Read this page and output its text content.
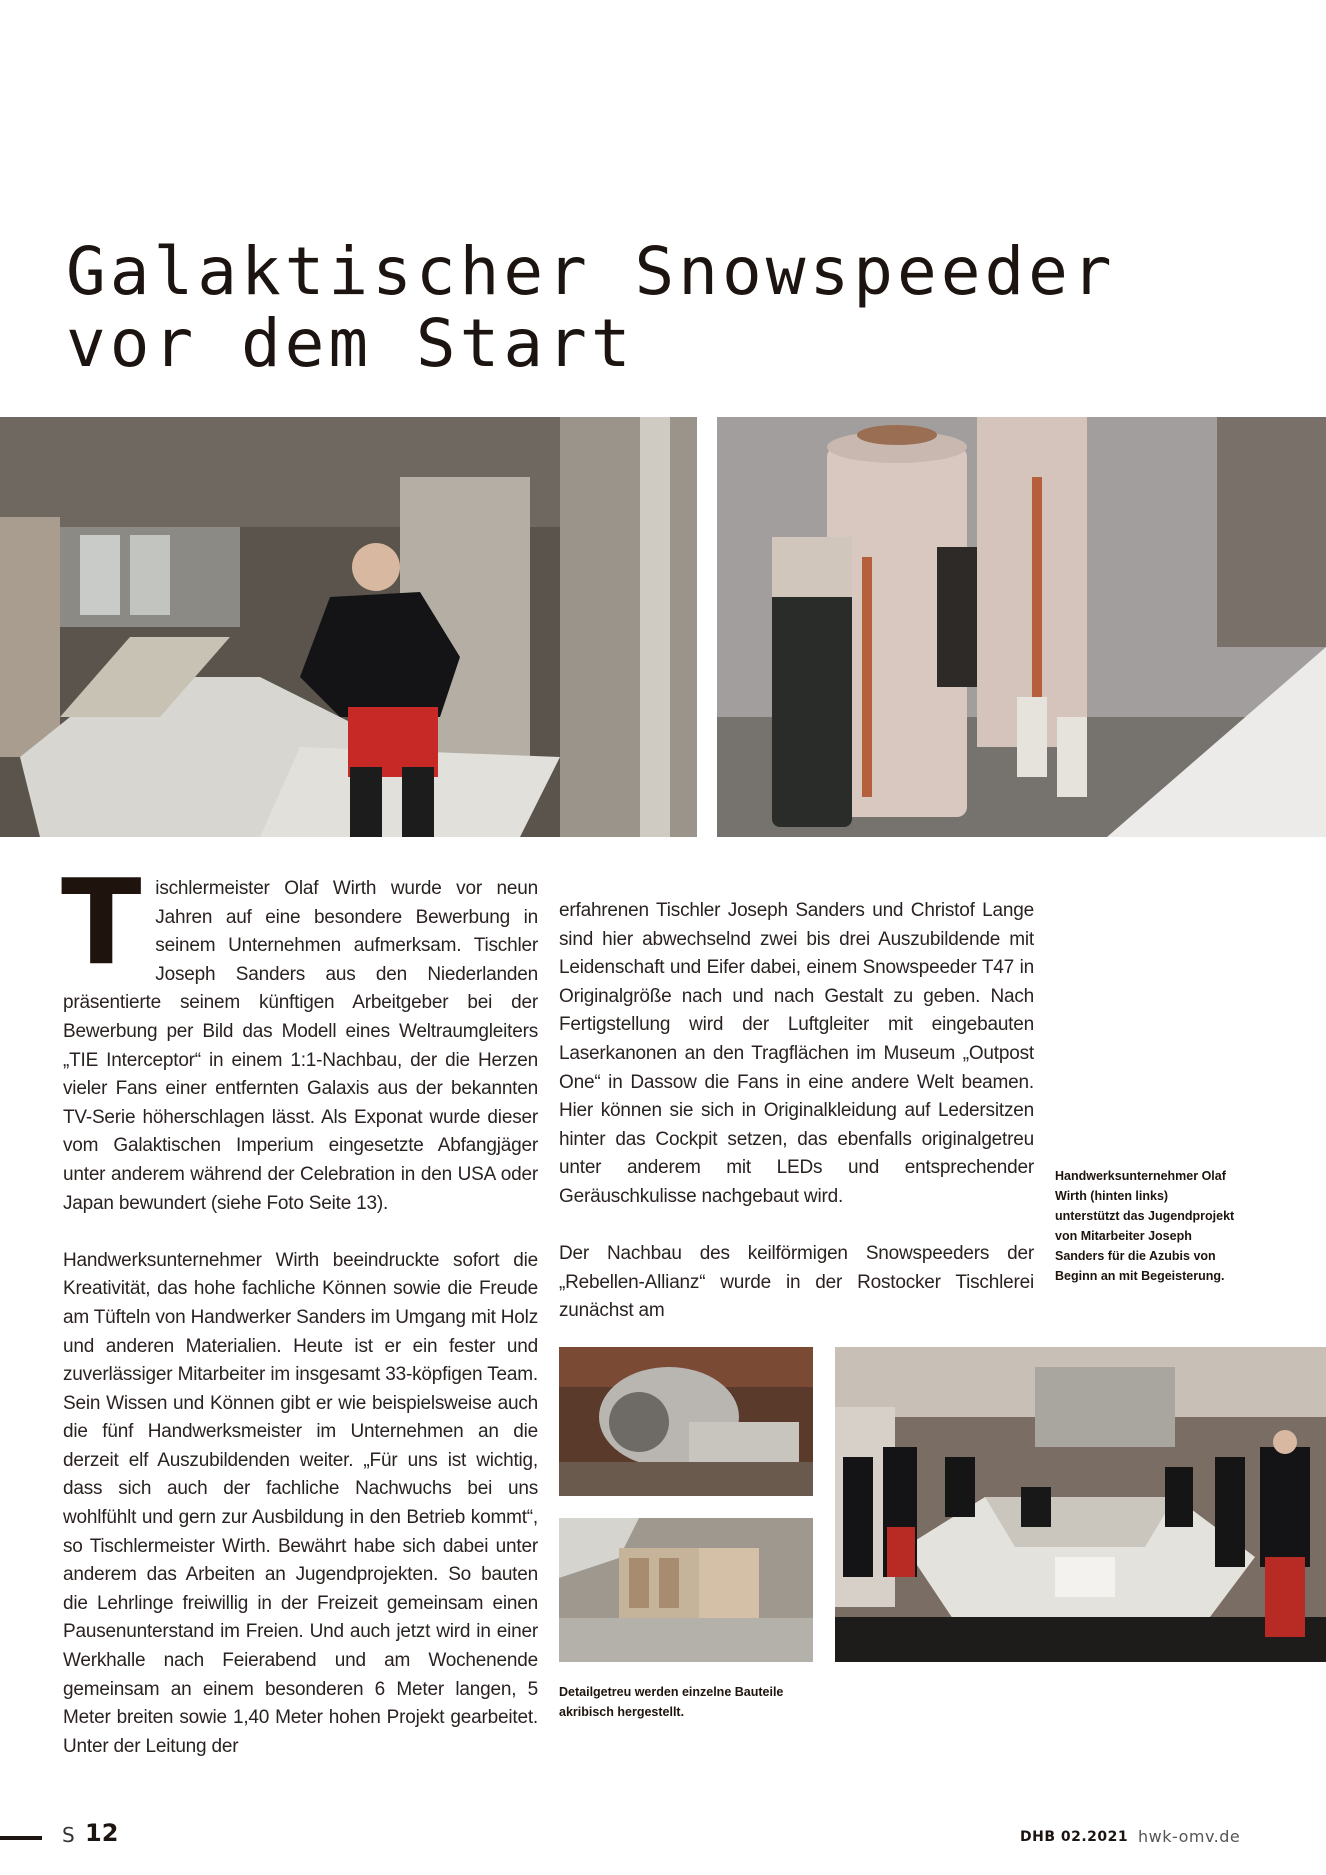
Galaktischer Snowspeeder
vor dem Start

Tischlermeister Olaf Wirth wurde vor neun Jahren auf eine besondere Bewerbung in seinem Unternehmen aufmerksam. Tischler Joseph Sanders aus den Niederlanden präsentierte seinem künftigen Arbeitgeber bei der Bewerbung per Bild das Modell eines Weltraumgleiters „TIE Interceptor“ in einem 1:1-Nachbau, der die Herzen vieler Fans einer entfernten Galaxis aus der bekannten TV-Serie höherschlagen lässt. Als Exponat wurde dieser vom Galaktischen Imperium eingesetzte Abfangjäger unter anderem während der Celebration in den USA oder Japan bewundert (siehe Foto Seite 13).

Handwerksunternehmer Wirth beeindruckte sofort die Kreativität, das hohe fachliche Können sowie die Freude am Tüfteln von Handwerker Sanders im Umgang mit Holz und anderen Materialien. Heute ist er ein fester und zuverlässiger Mitarbeiter im insgesamt 33-köpfigen Team. Sein Wissen und Können gibt er wie beispielsweise auch die fünf Handwerksmeister im Unternehmen an die derzeit elf Auszubildenden weiter. „Für uns ist wichtig, dass sich auch der fachliche Nachwuchs bei uns wohlfühlt und gern zur Ausbildung in den Betrieb kommt“, so Tischlermeister Wirth. Bewährt habe sich dabei unter anderem das Arbeiten an Jugendprojekten. So bauten die Lehrlinge freiwillig in der Freizeit gemeinsam einen Pausenunterstand im Freien. Und auch jetzt wird in einer Werkhalle nach Feierabend und am Wochenende gemeinsam an einem besonderen 6 Meter langen, 5 Meter breiten sowie 1,40 Meter hohen Projekt gearbeitet. Unter der Leitung der

erfahrenen Tischler Joseph Sanders und Christof Lange sind hier abwechselnd zwei bis drei Auszubildende mit Leidenschaft und Eifer dabei, einem Snowspeeder T47 in Originalgröße nach und nach Gestalt zu geben. Nach Fertigstellung wird der Luftgleiter mit eingebauten Laserkanonen an den Tragflächen im Museum „Outpost One“ in Dassow die Fans in eine andere Welt beamen. Hier können sie sich in Originalkleidung auf Ledersitzen hinter das Cockpit setzen, das ebenfalls originalgetreu unter anderem mit LEDs und entsprechender Geräuschkulisse nachgebaut wird.

Der Nachbau des keilförmigen Snowspeeders der „Rebellen-Allianz“ wurde in der Rostocker Tischlerei zunächst am

Handwerksunternehmer Olaf Wirth (hinten links) unterstützt das Jugendprojekt von Mitarbeiter Joseph Sanders für die Azubis von Beginn an mit Begeisterung.
Detailgetreu werden einzelne Bauteile akribisch hergestellt.
S 12	DHB 02.2021 hwk-omv.de
